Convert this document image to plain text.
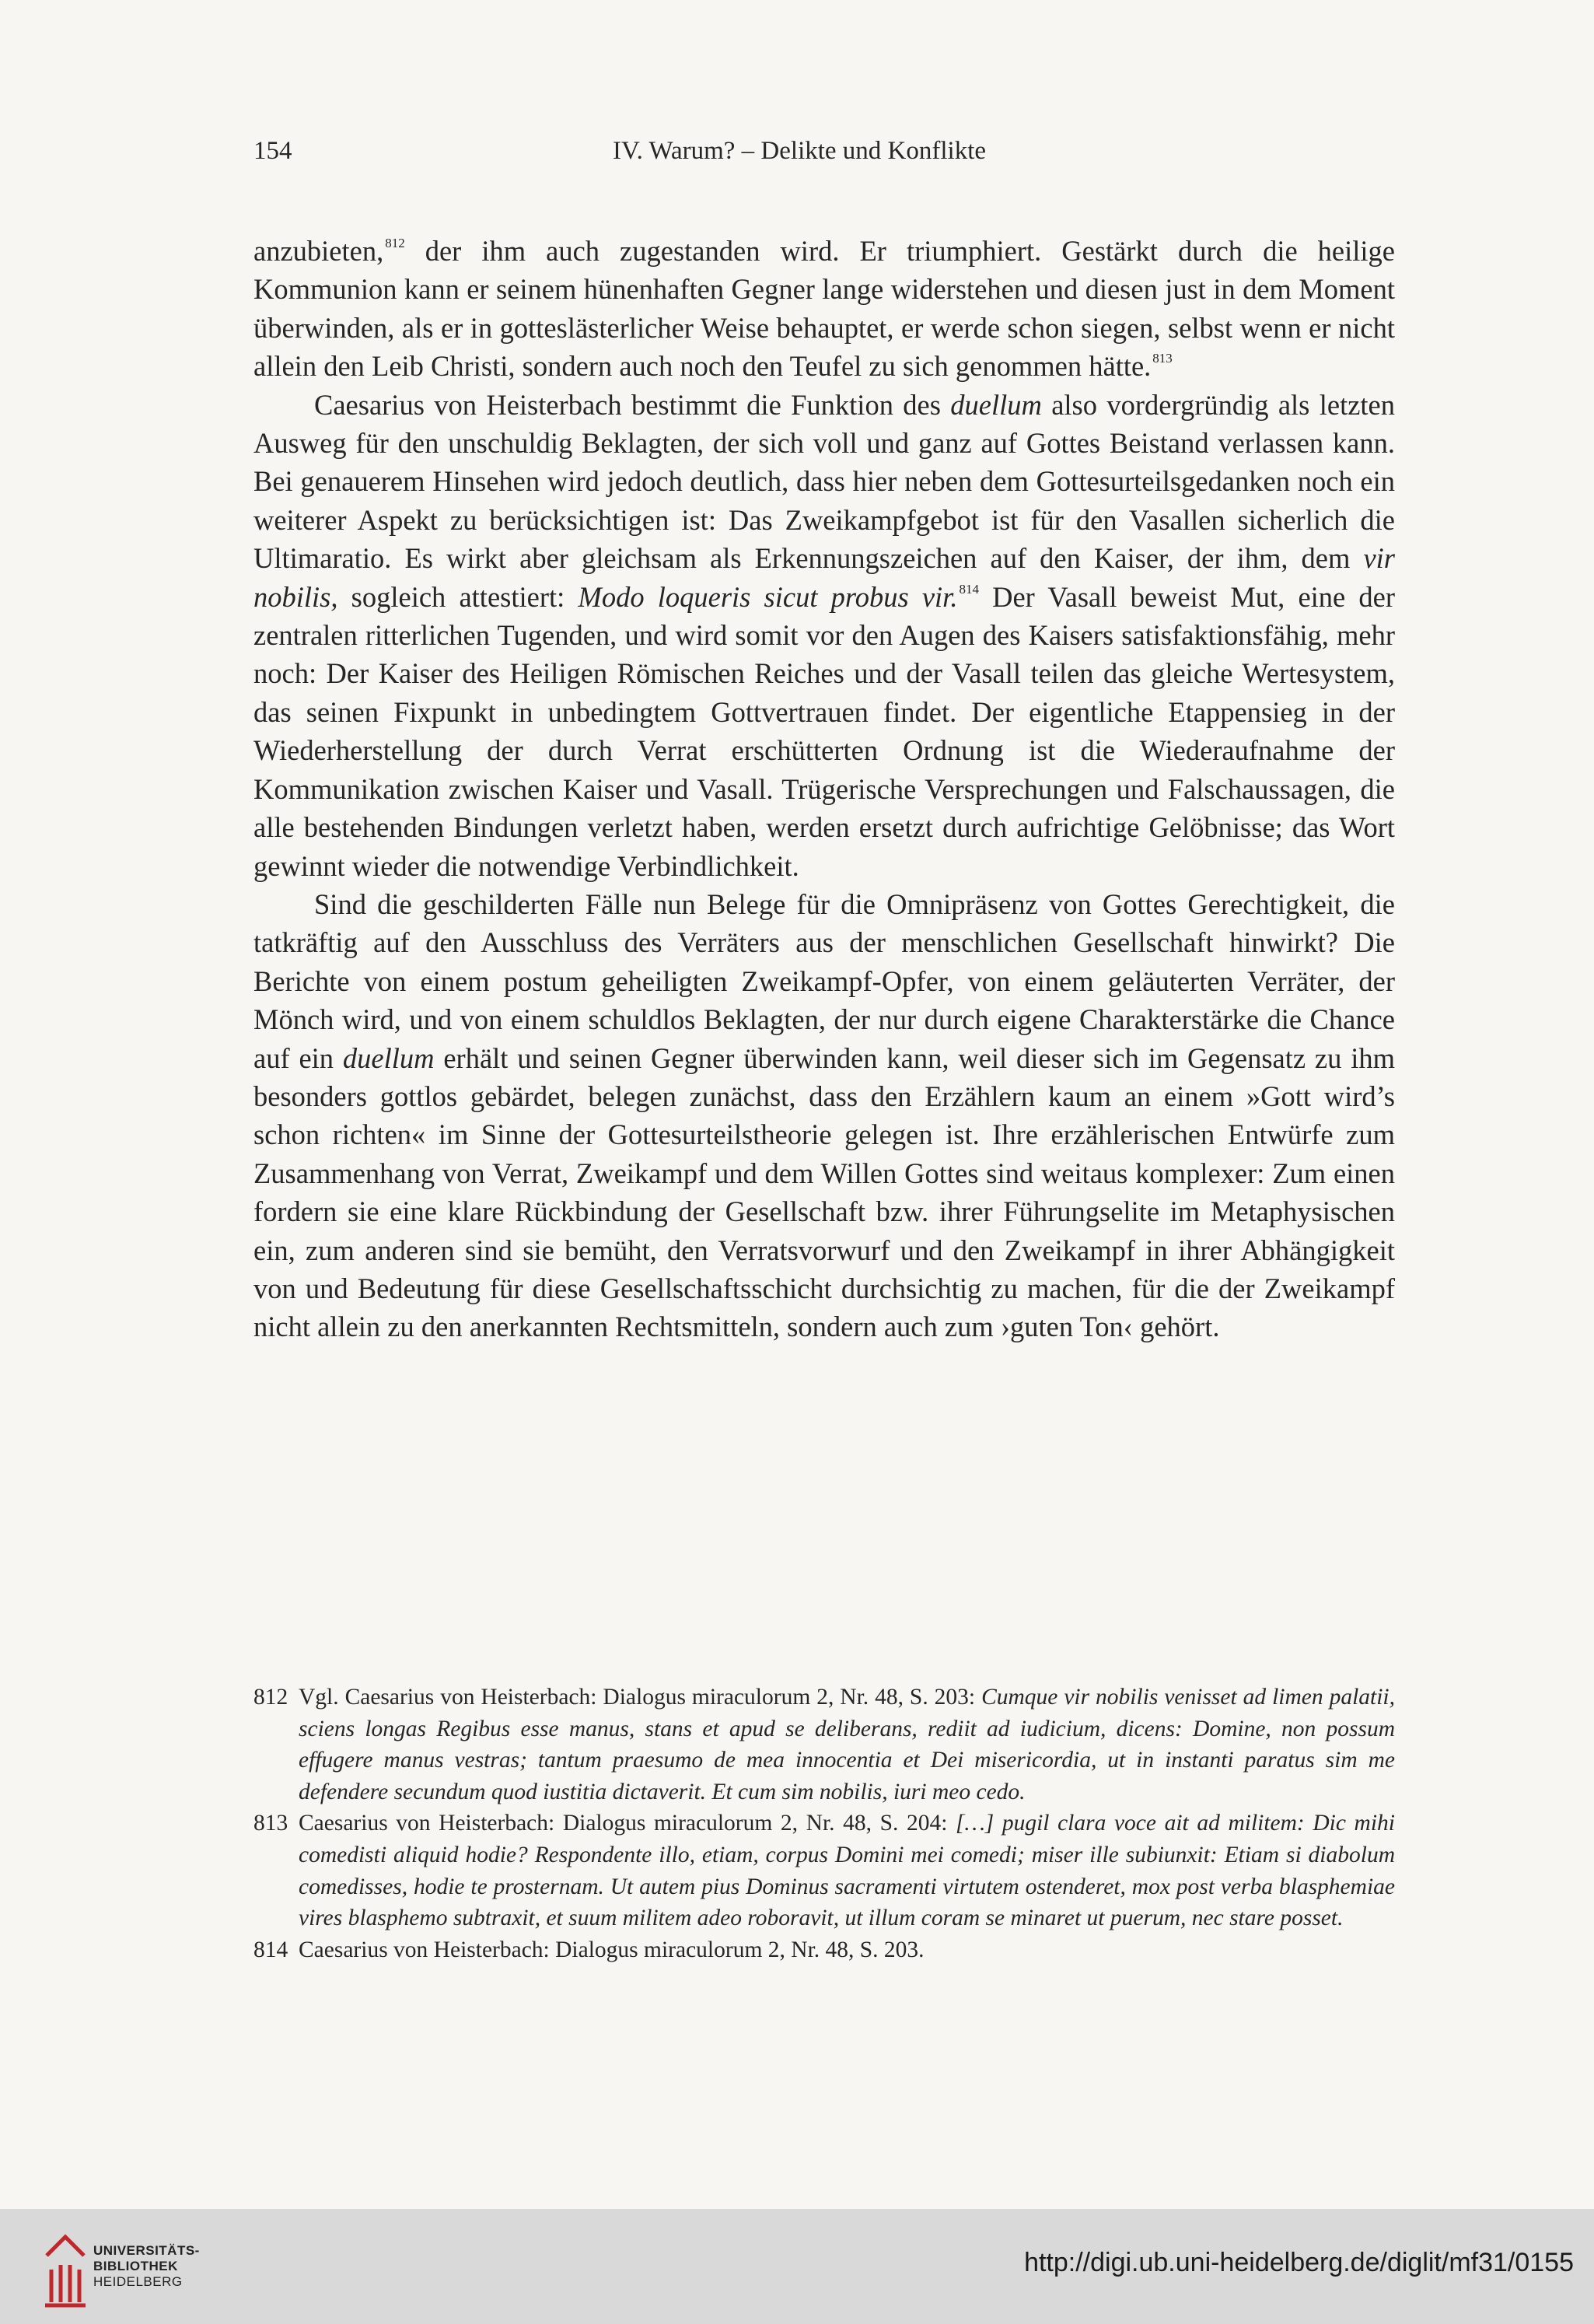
154	IV. Warum? – Delikte und Konflikte

anzubieten, $^{812}$ der ihm auch zugestanden wird. Er triumphiert. Gestärkt durch die heilige Kommunion kann er seinem hünenhaften Gegner lange widerstehen und diesen just in dem Moment überwinden, als er in gotteslästerlicher Weise behauptet, er werde schon siegen, selbst wenn er nicht allein den Leib Christi, sondern auch noch den Teufel zu sich genommen hätte. $^{813}$

Caesarius von Heisterbach bestimmt die Funktion des duellum also vordergründig als letzten Ausweg für den unschuldig Beklagten, der sich voll und ganz auf Gottes Beistand verlassen kann. Bei genauerem Hinsehen wird jedoch deutlich, dass hier neben dem Gottesurteilsgedanken noch ein weiterer Aspekt zu berücksichtigen ist: Das Zweikampfgebot ist für den Vasallen sicherlich die Ultimaratio. Es wirkt aber gleichsam als Erkennungszeichen auf den Kaiser, der ihm, dem vir nobilis, sogleich attestiert: Modo loqueris sicut probus vir. $^{814}$ Der Vasall beweist Mut, eine der zentralen ritterlichen Tugenden, und wird somit vor den Augen des Kaisers satisfaktionsfähig, mehr noch: Der Kaiser des Heiligen Römischen Reiches und der Vasall teilen das gleiche Wertesystem, das seinen Fixpunkt in unbedingtem Gottvertrauen findet. Der eigentliche Etappensieg in der Wiederherstellung der durch Verrat erschütterten Ordnung ist die Wiederaufnahme der Kommunikation zwischen Kaiser und Vasall. Trügerische Versprechungen und Falschaussagen, die alle bestehenden Bindungen verletzt haben, werden ersetzt durch aufrichtige Gelöbnisse; das Wort gewinnt wieder die notwendige Verbindlichkeit.

Sind die geschilderten Fälle nun Belege für die Omnipräsenz von Gottes Gerechtigkeit, die tatkräftig auf den Ausschluss des Verräters aus der menschlichen Gesellschaft hinwirkt? Die Berichte von einem postum geheiligten Zweikampf-Opfer, von einem geläuterten Verräter, der Mönch wird, und von einem schuldlos Beklagten, der nur durch eigene Charakterstärke die Chance auf ein duellum erhält und seinen Gegner überwinden kann, weil dieser sich im Gegensatz zu ihm besonders gottlos gebärdet, belegen zunächst, dass den Erzählern kaum an einem »Gott wird’s schon richten« im Sinne der Gottesurteilstheorie gelegen ist. Ihre erzählerischen Entwürfe zum Zusammenhang von Verrat, Zweikampf und dem Willen Gottes sind weitaus komplexer: Zum einen fordern sie eine klare Rückbindung der Gesellschaft bzw. ihrer Führungselite im Metaphysischen ein, zum anderen sind sie bemüht, den Verratsvorwurf und den Zweikampf in ihrer Abhängigkeit von und Bedeutung für diese Gesellschaftsschicht durchsichtig zu machen, für die der Zweikampf nicht allein zu den anerkannten Rechtsmitteln, sondern auch zum ›guten Ton‹ gehört.

812 Vgl. Caesarius von Heisterbach: Dialogus miraculorum 2, Nr. 48, S. 203: Cumque vir nobilis venisset ad limen palatii, sciens longas Regibus esse manus, stans et apud se deliberans, rediit ad iudicium, dicens: Domine, non possum effugere manus vestras; tantum praesumo de mea innocentia et Dei misericordia, ut in instanti paratus sim me defendere secundum quod iustitia dictaverit. Et cum sim nobilis, iuri meo cedo.
813 Caesarius von Heisterbach: Dialogus miraculorum 2, Nr. 48, S. 204: […] pugil clara voce ait ad militem: Dic mihi comedisti aliquid hodie? Respondente illo, etiam, corpus Domini mei comedi; miser ille subiunxit: Etiam si diabolum comedisses, hodie te prosternam. Ut autem pius Dominus sacramenti virtutem ostenderet, mox post verba blasphemiae vires blasphemo subtraxit, et suum militem adeo roboravit, ut illum coram se minaret ut puerum, nec stare posset.
814 Caesarius von Heisterbach: Dialogus miraculorum 2, Nr. 48, S. 203.
UNIVERSITÄTS-
BIBLIOTHEK
HEIDELBERG
http://digi.ub.uni-heidelberg.de/diglit/mf31/0155
